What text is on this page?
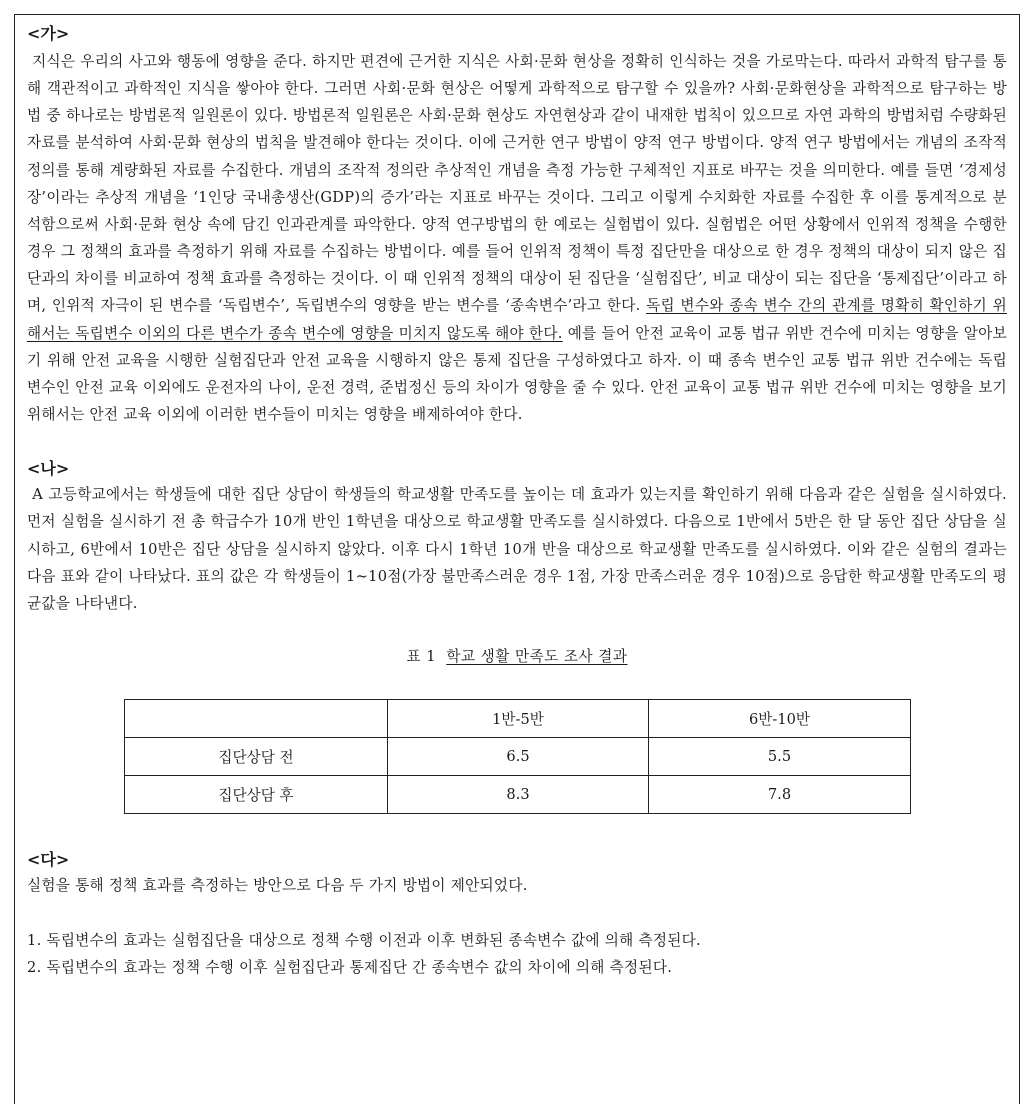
<가>

지식은 우리의 사고와 행동에 영향을 준다. 하지만 편견에 근거한 지식은 사회·문화 현상을 정확히 인식하는 것을 가로막는다. 따라서 과학적 탐구를 통해 객관적이고 과학적인 지식을 쌓아야 한다. 그러면 사회·문화 현상은 어떻게 과학적으로 탐구할 수 있을까? 사회·문화현상을 과학적으로 탐구하는 방법 중 하나로는 방법론적 일원론이 있다. 방법론적 일원론은 사회·문화 현상도 자연현상과 같이 내재한 법칙이 있으므로 자연 과학의 방법처럼 수량화된 자료를 분석하여 사회·문화 현상의 법칙을 발견해야 한다는 것이다. 이에 근거한 연구 방법이 양적 연구 방법이다. 양적 연구 방법에서는 개념의 조작적 정의를 통해 계량화된 자료를 수집한다. 개념의 조작적 정의란 추상적인 개념을 측정 가능한 구체적인 지표로 바꾸는 것을 의미한다. 예를 들면 ‘경제성장’이라는 추상적 개념을 ‘1인당 국내총생산(GDP)의 증가’라는 지표로 바꾸는 것이다. 그리고 이렇게 수치화한 자료를 수집한 후 이를 통계적으로 분석함으로써 사회·문화 현상 속에 담긴 인과관계를 파악한다. 양적 연구방법의 한 예로는 실험법이 있다. 실험법은 어떤 상황에서 인위적 정책을 수행한 경우 그 정책의 효과를 측정하기 위해 자료를 수집하는 방법이다. 예를 들어 인위적 정책이 특정 집단만을 대상으로 한 경우 정책의 대상이 되지 않은 집단과의 차이를 비교하여 정책 효과를 측정하는 것이다. 이 때 인위적 정책의 대상이 된 집단을 ‘실험집단’, 비교 대상이 되는 집단을 ‘통제집단’이라고 하며, 인위적 자극이 된 변수를 ‘독립변수’, 독립변수의 영향을 받는 변수를 ‘종속변수’라고 한다. 독립 변수와 종속 변수 간의 관계를 명확히 확인하기 위해서는 독립변수 이외의 다른 변수가 종속 변수에 영향을 미치지 않도록 해야 한다. 예를 들어 안전 교육이 교통 법규 위반 건수에 미치는 영향을 알아보기 위해 안전 교육을 시행한 실험집단과 안전 교육을 시행하지 않은 통제 집단을 구성하였다고 하자. 이 때 종속 변수인 교통 법규 위반 건수에는 독립 변수인 안전 교육 이외에도 운전자의 나이, 운전 경력, 준법정신 등의 차이가 영향을 줄 수 있다. 안전 교육이 교통 법규 위반 건수에 미치는 영향을 보기 위해서는 안전 교육 이외에 이러한 변수들이 미치는 영향을 배제하여야 한다.

<나>

A 고등학교에서는 학생들에 대한 집단 상담이 학생들의 학교생활 만족도를 높이는 데 효과가 있는지를 확인하기 위해 다음과 같은 실험을 실시하였다. 먼저 실험을 실시하기 전 총 학급수가 10개 반인 1학년을 대상으로 학교생활 만족도를 실시하였다. 다음으로 1반에서 5반은 한 달 동안 집단 상담을 실시하고, 6반에서 10반은 집단 상담을 실시하지 않았다. 이후 다시 1학년 10개 반을 대상으로 학교생활 만족도를 실시하였다. 이와 같은 실험의 결과는 다음 표와 같이 나타났다. 표의 값은 각 학생들이 1~10점(가장 불만족스러운 경우 1점, 가장 만족스러운 경우 10점)으로 응답한 학교생활 만족도의 평균값을 나타낸다.

표 1 학교 생활 만족도 조사 결과
	1반-5반	6반-10반
집단상담 전	6.5	5.5
집단상담 후	8.3	7.8

<다>

실험을 통해 정책 효과를 측정하는 방안으로 다음 두 가지 방법이 제안되었다.

1. 독립변수의 효과는 실험집단을 대상으로 정책 수행 이전과 이후 변화된 종속변수 값에 의해 측정된다.

2. 독립변수의 효과는 정책 수행 이후 실험집단과 통제집단 간 종속변수 값의 차이에 의해 측정된다.
